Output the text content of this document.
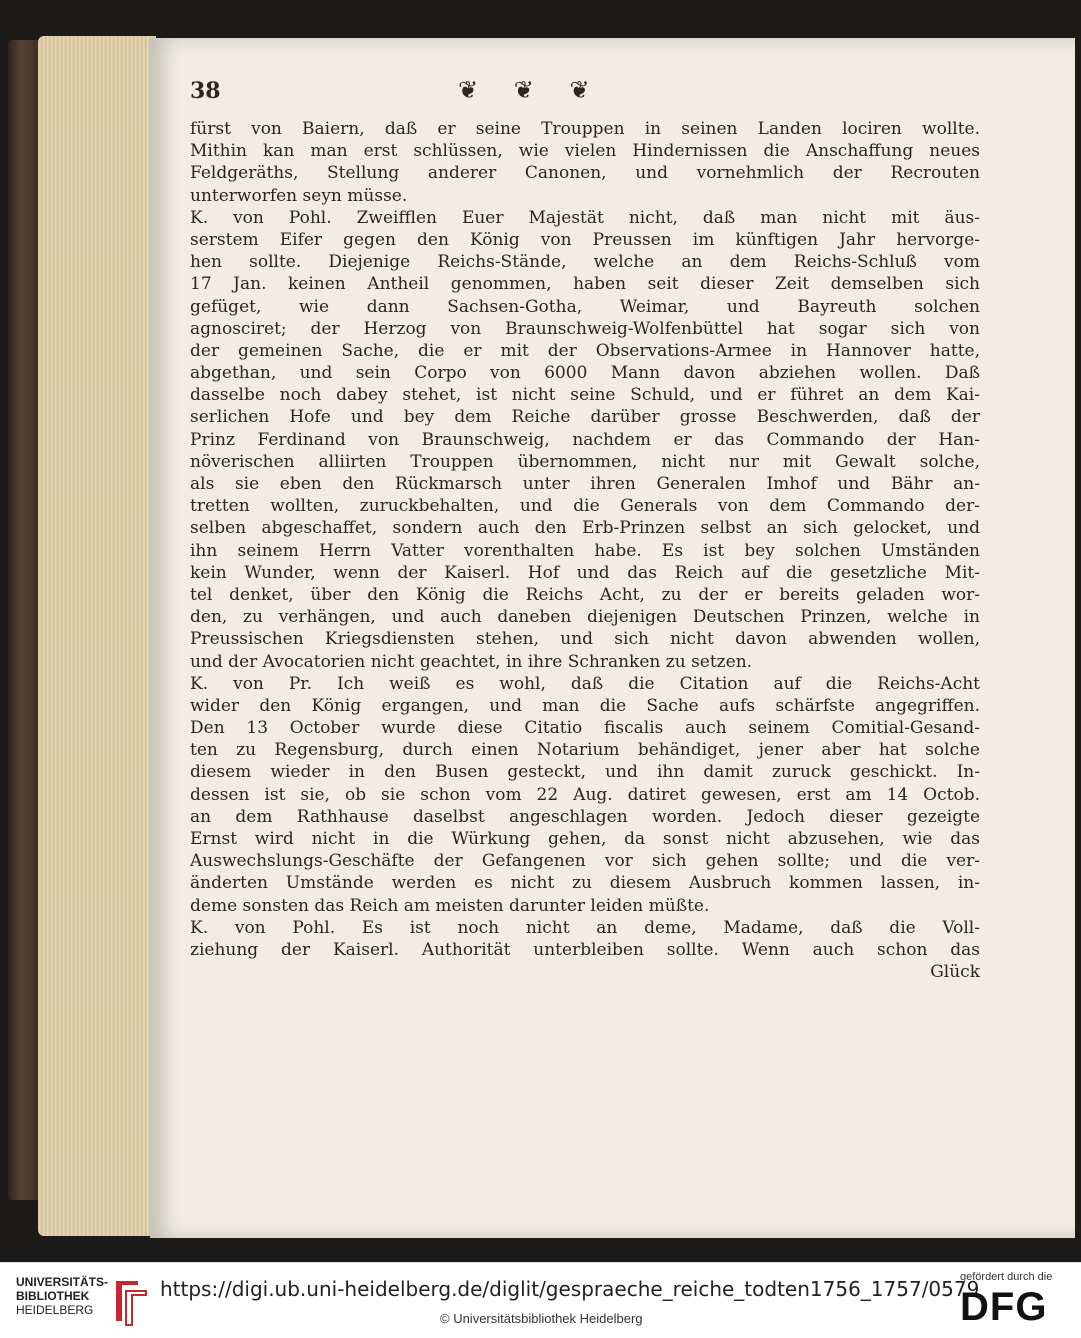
38	❦ ❦ ❦
fürst von Baiern, daß er seine Trouppen in seinen Landen lociren wollte.
Mithin kan man erst schlüssen, wie vielen Hindernissen die Anschaffung neues
Feldgeräths, Stellung anderer Canonen, und vornehmlich der Recrouten
unterworfen seyn müsse.
K. von Pohl. Zweifflen Euer Majestät nicht, daß man nicht mit äus-
serstem Eifer gegen den König von Preussen im künftigen Jahr hervorge-
hen sollte. Diejenige Reichs-Stände, welche an dem Reichs-Schluß vom
17 Jan. keinen Antheil genommen, haben seit dieser Zeit demselben sich
gefüget, wie dann Sachsen-Gotha, Weimar, und Bayreuth solchen
agnosciret; der Herzog von Braunschweig-Wolfenbüttel hat sogar sich von
der gemeinen Sache, die er mit der Observations-Armee in Hannover hatte,
abgethan, und sein Corpo von 6000 Mann davon abziehen wollen. Daß
dasselbe noch dabey stehet, ist nicht seine Schuld, und er führet an dem Kai-
serlichen Hofe und bey dem Reiche darüber grosse Beschwerden, daß der
Prinz Ferdinand von Braunschweig, nachdem er das Commando der Han-
növerischen alliirten Trouppen übernommen, nicht nur mit Gewalt solche,
als sie eben den Rückmarsch unter ihren Generalen Imhof und Bähr an-
tretten wollten, zuruckbehalten, und die Generals von dem Commando der-
selben abgeschaffet, sondern auch den Erb-Prinzen selbst an sich gelocket, und
ihn seinem Herrn Vatter vorenthalten habe. Es ist bey solchen Umständen
kein Wunder, wenn der Kaiserl. Hof und das Reich auf die gesetzliche Mit-
tel denket, über den König die Reichs Acht, zu der er bereits geladen wor-
den, zu verhängen, und auch daneben diejenigen Deutschen Prinzen, welche in
Preussischen Kriegsdiensten stehen, und sich nicht davon abwenden wollen,
und der Avocatorien nicht geachtet, in ihre Schranken zu setzen.
K. von Pr. Ich weiß es wohl, daß die Citation auf die Reichs-Acht
wider den König ergangen, und man die Sache aufs schärfste angegriffen.
Den 13 October wurde diese Citatio fiscalis auch seinem Comitial-Gesand-
ten zu Regensburg, durch einen Notarium behändiget, jener aber hat solche
diesem wieder in den Busen gesteckt, und ihn damit zuruck geschickt. In-
dessen ist sie, ob sie schon vom 22 Aug. datiret gewesen, erst am 14 Octob.
an dem Rathhause daselbst angeschlagen worden. Jedoch dieser gezeigte
Ernst wird nicht in die Würkung gehen, da sonst nicht abzusehen, wie das
Auswechslungs-Geschäfte der Gefangenen vor sich gehen sollte; und die ver-
änderten Umstände werden es nicht zu diesem Ausbruch kommen lassen, in-
deme sonsten das Reich am meisten darunter leiden müßte.
K. von Pohl. Es ist noch nicht an deme, Madame, daß die Voll-
ziehung der Kaiserl. Authorität unterbleiben sollte. Wenn auch schon das
Glück
UNIVERSITÄTS-
BIBLIOTHEK
HEIDELBERG
https://digi.ub.uni-heidelberg.de/diglit/gespraeche_reiche_todten1756_1757/0579
© Universitätsbibliothek Heidelberg
gefördert durch die
DFG
